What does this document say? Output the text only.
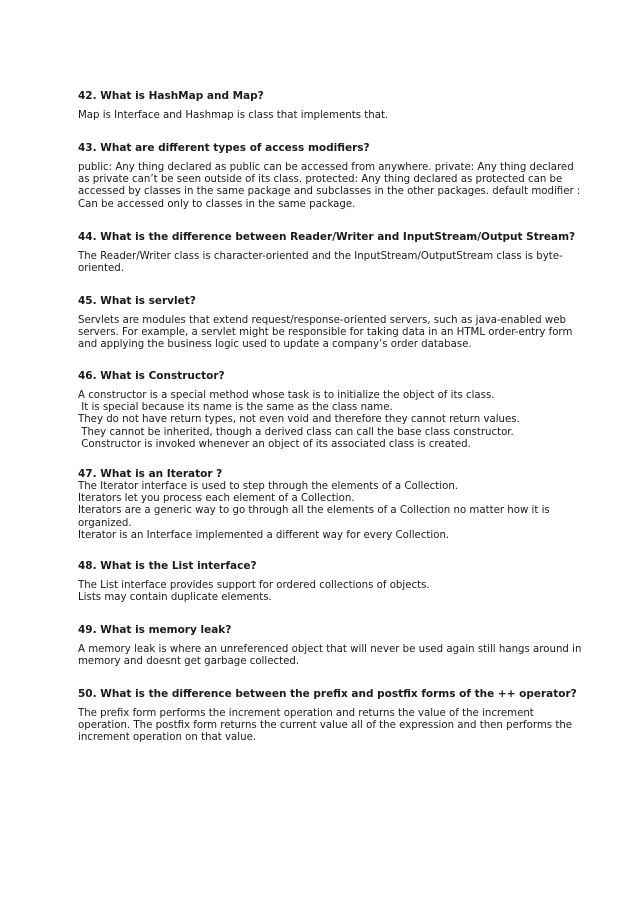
42. What is HashMap and Map?
Map is Interface and Hashmap is class that implements that.
43. What are different types of access modifiers?
public: Any thing declared as public can be accessed from anywhere. private: Any thing declared
as private can’t be seen outside of its class. protected: Any thing declared as protected can be
accessed by classes in the same package and subclasses in the other packages. default modifier :
Can be accessed only to classes in the same package.
44. What is the difference between Reader/Writer and InputStream/Output Stream?
The Reader/Writer class is character-oriented and the InputStream/OutputStream class is byte-
oriented.
45. What is servlet?
Servlets are modules that extend request/response-oriented servers, such as java-enabled web
servers. For example, a servlet might be responsible for taking data in an HTML order-entry form
and applying the business logic used to update a company’s order database.
46. What is Constructor?
A constructor is a special method whose task is to initialize the object of its class.
It is special because its name is the same as the class name.
They do not have return types, not even void and therefore they cannot return values.
They cannot be inherited, though a derived class can call the base class constructor.
Constructor is invoked whenever an object of its associated class is created.
47. What is an Iterator ?
The Iterator interface is used to step through the elements of a Collection.
Iterators let you process each element of a Collection.
Iterators are a generic way to go through all the elements of a Collection no matter how it is
organized.
Iterator is an Interface implemented a different way for every Collection.
48. What is the List interface?
The List interface provides support for ordered collections of objects.
Lists may contain duplicate elements.
49. What is memory leak?
A memory leak is where an unreferenced object that will never be used again still hangs around in
memory and doesnt get garbage collected.
50. What is the difference between the prefix and postfix forms of the ++ operator?
The prefix form performs the increment operation and returns the value of the increment
operation. The postfix form returns the current value all of the expression and then performs the
increment operation on that value.
